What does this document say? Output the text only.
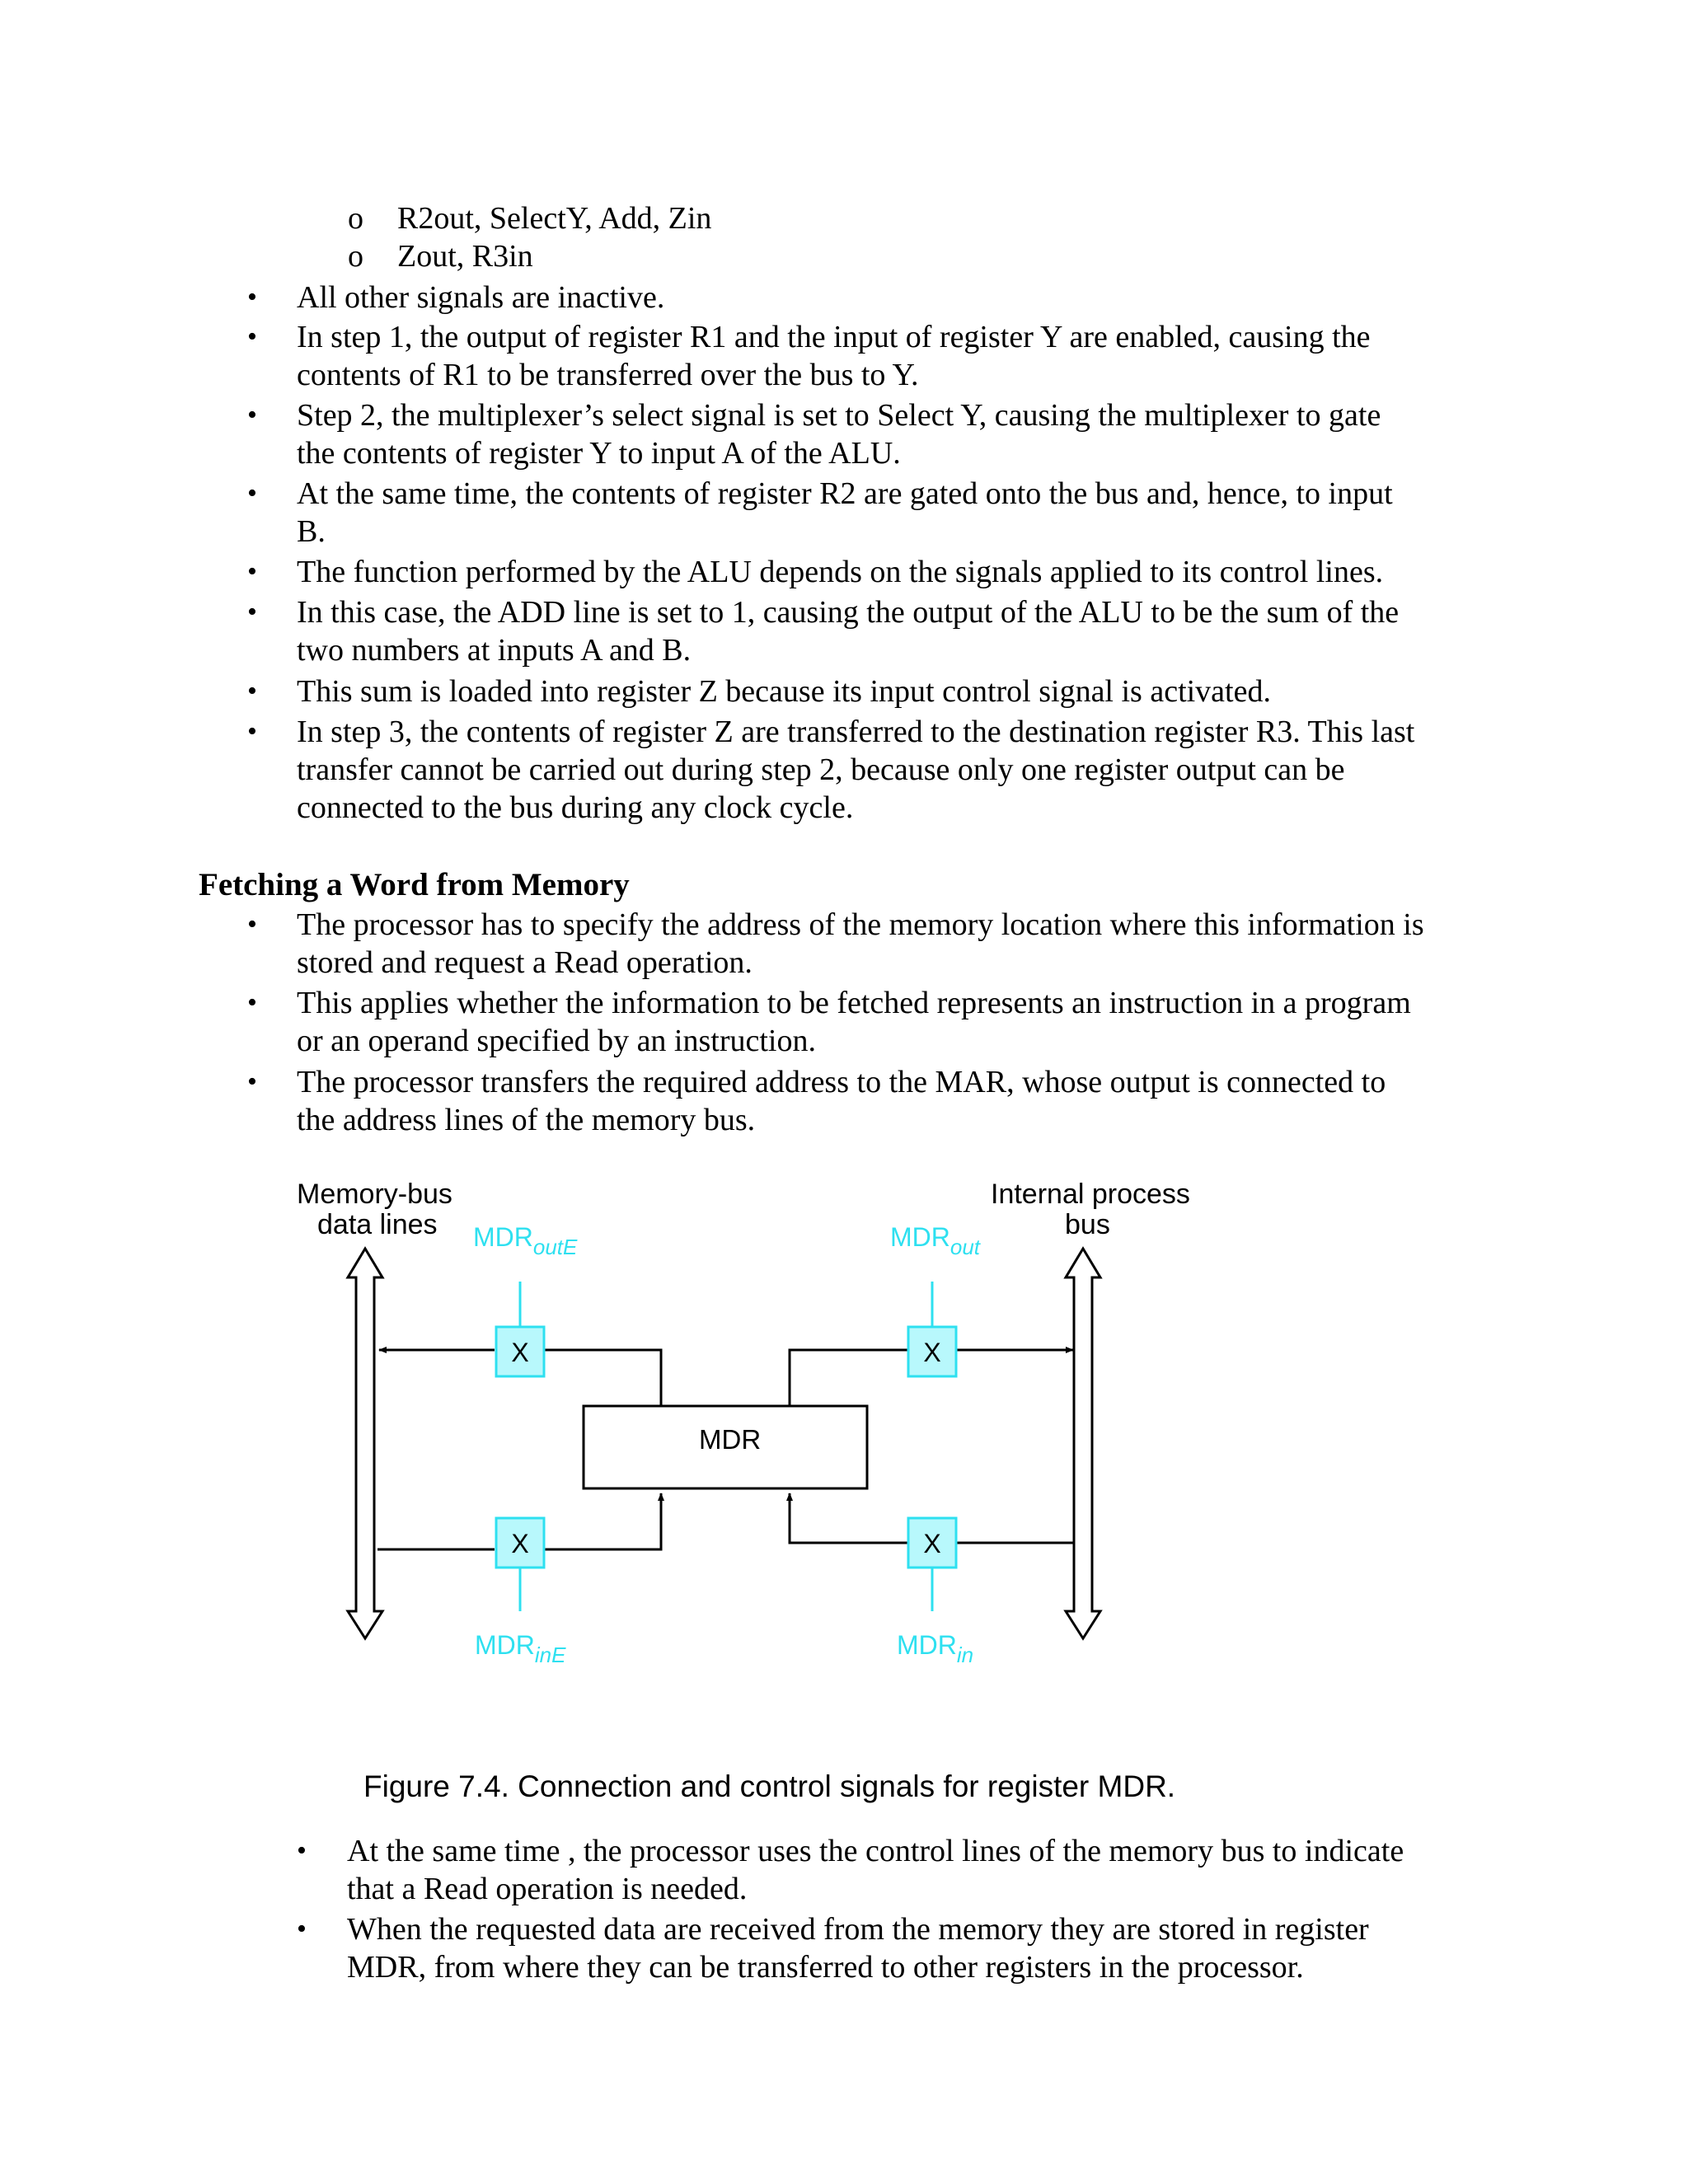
o R2out, SelectY, Add, Zin
o Zout, R3in
• All other signals are inactive.
• In step 1, the output of register R1 and the input of register Y are enabled, causing the
contents of R1 to be transferred over the bus to Y.
• Step 2, the multiplexer’s select signal is set to Select Y, causing the multiplexer to gate
the contents of register Y to input A of the ALU.
• At the same time, the contents of register R2 are gated onto the bus and, hence, to input
B.
• The function performed by the ALU depends on the signals applied to its control lines.
• In this case, the ADD line is set to 1, causing the output of the ALU to be the sum of the
two numbers at inputs A and B.
• This sum is loaded into register Z because its input control signal is activated.
• In step 3, the contents of register Z are transferred to the destination register R3. This last
transfer cannot be carried out during step 2, because only one register output can be
connected to the bus during any clock cycle.
Fetching a Word from Memory
• The processor has to specify the address of the memory location where this information is
stored and request a Read operation.
• This applies whether the information to be fetched represents an instruction in a program
or an operand specified by an instruction.
• The processor transfers the required address to the MAR, whose output is connected to
the address lines of the memory bus.
Memory-bus
data lines
Internal process
bus
MDR
X	X
X	X
$MDR_{outE}$	$MDR_{out}$
$MDR_{inE}$	$MDR_{in}$
Figure 7.4. Connection and control signals for register MDR.
• At the same time , the processor uses the control lines of the memory bus to indicate
that a Read operation is needed.
• When the requested data are received from the memory they are stored in register
MDR, from where they can be transferred to other registers in the processor.
